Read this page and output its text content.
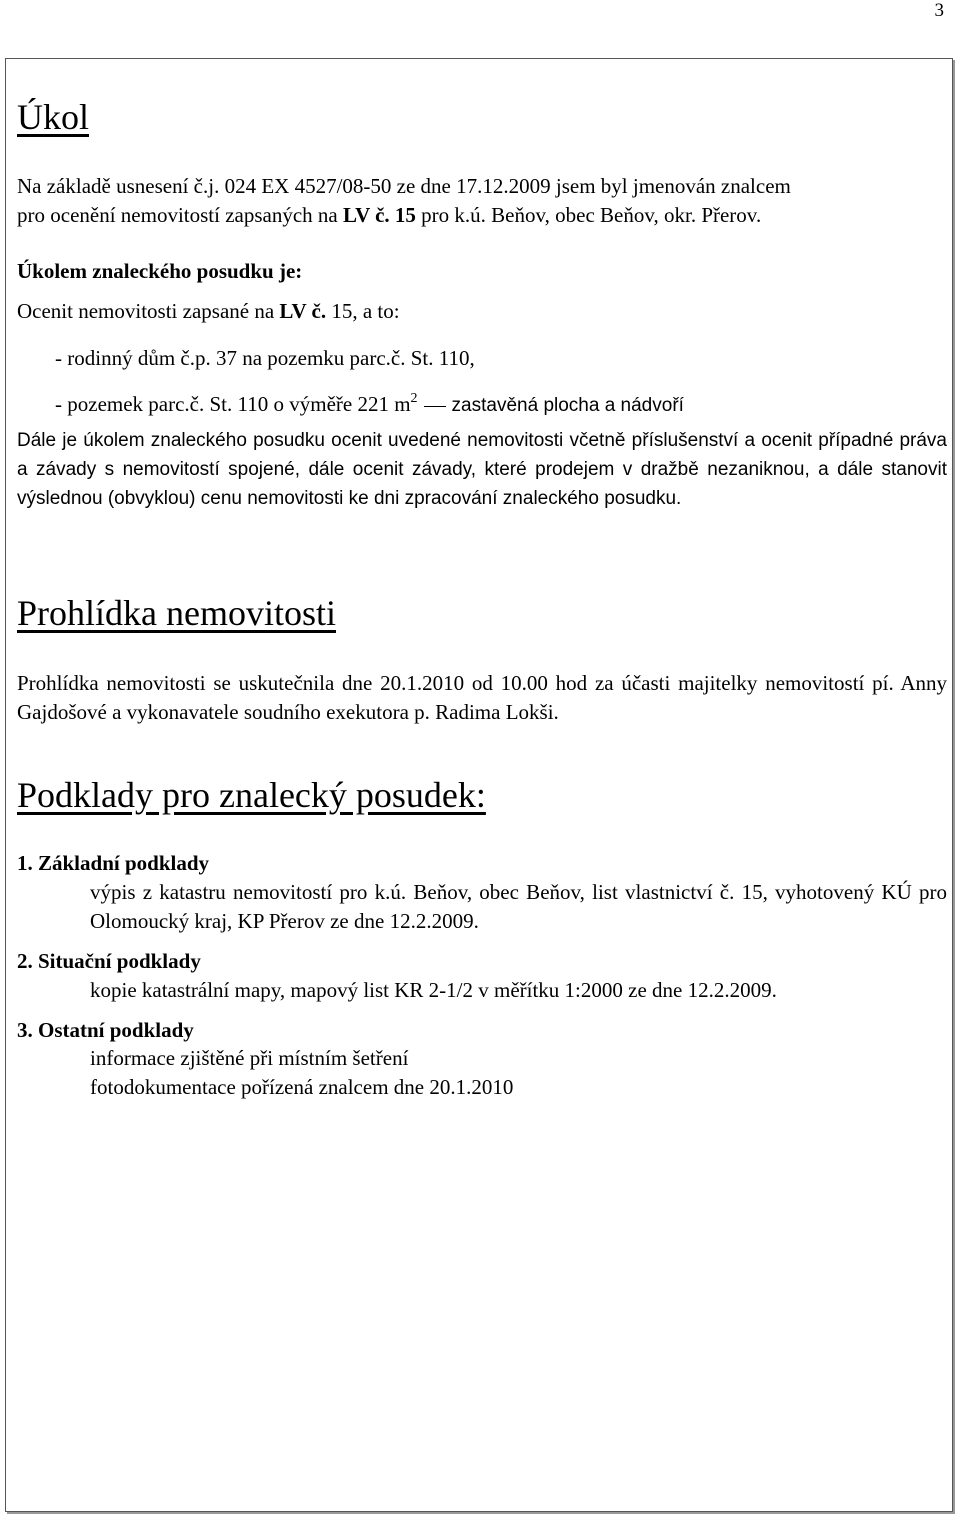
3
Úkol
Na základě usnesení č.j. 024 EX 4527/08-50 ze dne 17.12.2009 jsem byl jmenován znalcem
pro ocenění nemovitostí zapsaných na LV č. 15 pro k.ú. Beňov, obec Beňov, okr. Přerov.
Úkolem znaleckého posudku je:
Ocenit nemovitosti zapsané na LV č. 15, a to:
- rodinný dům č.p. 37 na pozemku parc.č. St. 110,
- pozemek parc.č. St. 110 o výměře 221 $m^2$ zastavěná plocha a nádvoří
Dále je úkolem znaleckého posudku ocenit uvedené nemovitosti včetně příslušenství a ocenit případné práva a závady s nemovitostí spojené, dále ocenit závady, které prodejem v dražbě nezaniknou, a dále stanovit výslednou (obvyklou) cenu nemovitosti ke dni zpracování znaleckého posudku.
Prohlídka nemovitosti
Prohlídka nemovitosti se uskutečnila dne 20.1.2010 od 10.00 hod za účasti majitelky nemovitostí pí. Anny Gajdošové a vykonavatele soudního exekutora p. Radima Lokši.
Podklady pro znalecký posudek:
1. Základní podklady
výpis z katastru nemovitostí pro k.ú. Beňov, obec Beňov, list vlastnictví č. 15, vyhotovený KÚ pro Olomoucký kraj, KP Přerov ze dne 12.2.2009.
2. Situační podklady
kopie katastrální mapy, mapový list KR 2-1/2 v měřítku 1:2000 ze dne 12.2.2009.
3. Ostatní podklady
informace zjištěné při místním šetření
fotodokumentace pořízená znalcem dne 20.1.2010
